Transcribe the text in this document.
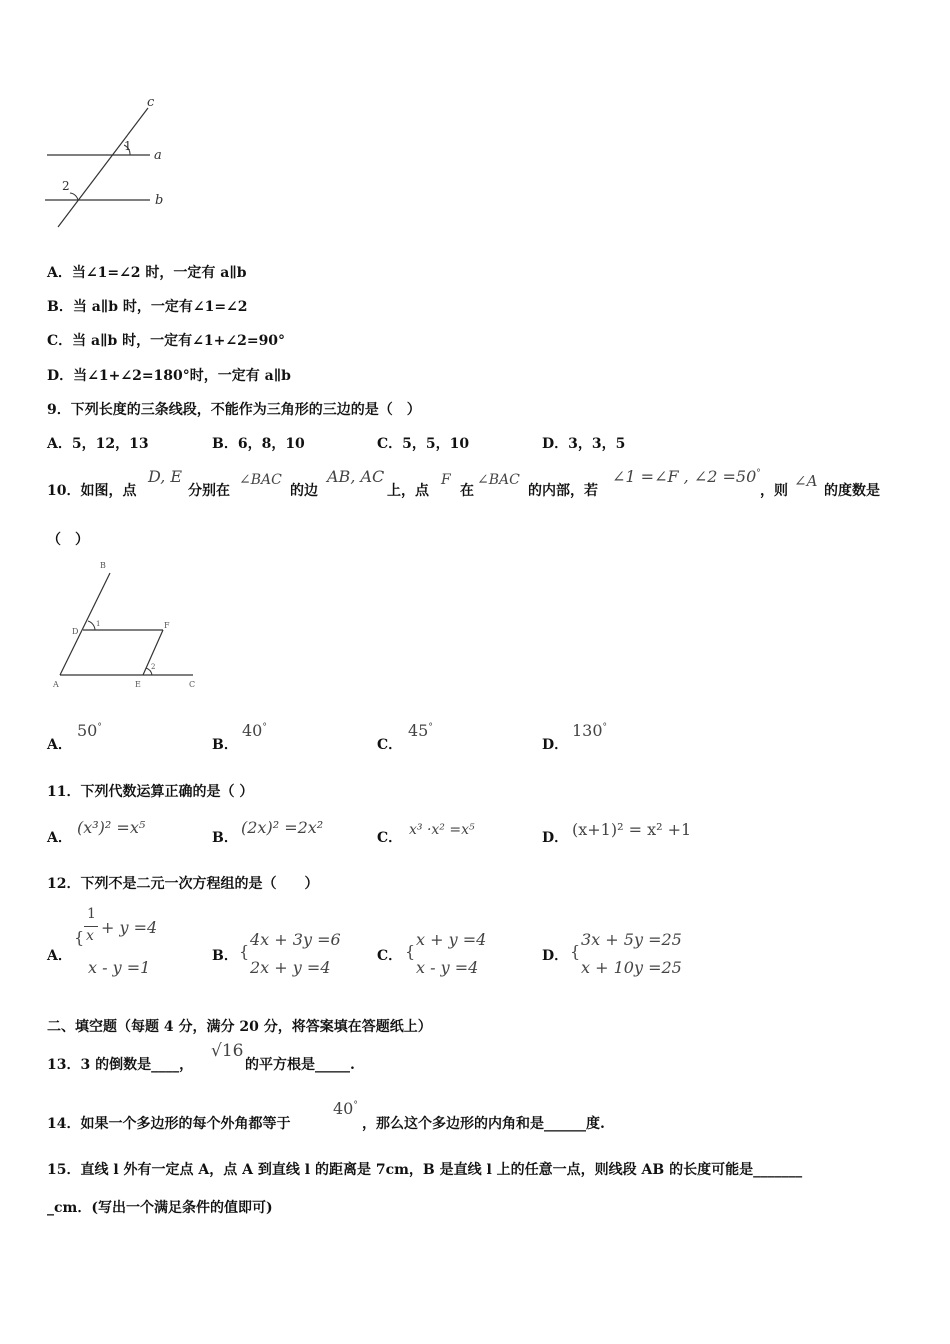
c
a
b
1
2
A．当∠1=∠2 时，一定有 a∥b
B．当 a∥b 时，一定有∠1=∠2
C．当 a∥b 时，一定有∠1+∠2=90°
D．当∠1+∠2=180°时，一定有 a∥b
9．下列长度的三条线段，不能作为三角形的三边的是（　）
A．5，12，13	B．6，8，10	C．5，5，10	D．3，3，5
10．如图，点
D, E
分别在
∠BAC
的边
AB, AC
上，点
F
在
∠BAC
的内部，若
∠1 =∠F , ∠2 =50°
，则
∠A
的度数是
（　）
B
D
F
A	E	C
1
2
A．
50°
B．
40°
C．
45°
D．
130°
11．下列代数运算正确的是（ ）
A．
(x³)² =x⁵
B．
(2x)² =2x²
C． x³ ·x² =x⁵	D． (x+1)² = x² +1
12．下列不是二元一次方程组的是（　　）
A．
1
x
{
+ y =4
x - y =1
B． {
4x + 3y =6
2x + y =4
C． {
x + y =4
x - y =4
D． {
3x + 5y =25
x + 10y =25
二、填空题（每题 4 分，满分 20 分，将答案填在答题纸上）
13．3 的倒数是____，
√16
的平方根是_____.
14．如果一个多边形的每个外角都等于
40°
，那么这个多边形的内角和是______度.
15．直线 l 外有一定点 A，点 A 到直线 l 的距离是 7cm，B 是直线 l 上的任意一点，则线段 AB 的长度可能是_______
_cm．(写出一个满足条件的值即可)
